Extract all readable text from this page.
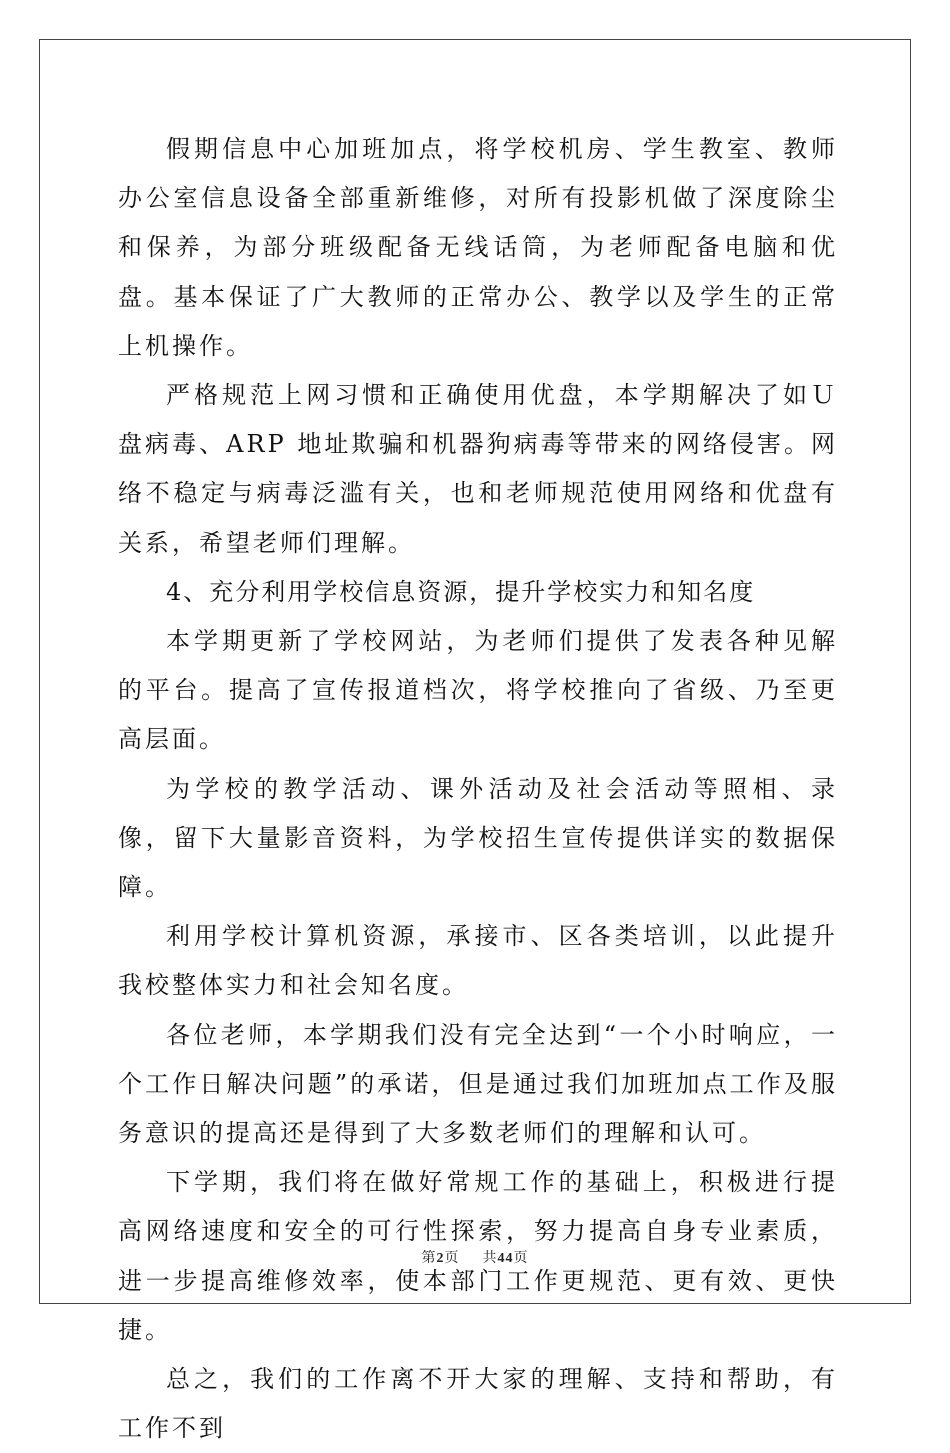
假期信息中心加班加点，将学校机房、学生教室、教师办公室信息设备全部重新维修，对所有投影机做了深度除尘和保养，为部分班级配备无线话筒，为老师配备电脑和优盘。基本保证了广大教师的正常办公、教学以及学生的正常上机操作。

严格规范上网习惯和正确使用优盘，本学期解决了如Ｕ盘病毒、ARP 地址欺骗和机器狗病毒等带来的网络侵害。网络不稳定与病毒泛滥有关，也和老师规范使用网络和优盘有关系，希望老师们理解。

4、充分利用学校信息资源，提升学校实力和知名度

本学期更新了学校网站，为老师们提供了发表各种见解的平台。提高了宣传报道档次，将学校推向了省级、乃至更高层面。

为学校的教学活动、课外活动及社会活动等照相、录像，留下大量影音资料，为学校招生宣传提供详实的数据保障。

利用学校计算机资源，承接市、区各类培训，以此提升我校整体实力和社会知名度。

各位老师，本学期我们没有完全达到“一个小时响应，一个工作日解决问题”的承诺，但是通过我们加班加点工作及服务意识的提高还是得到了大多数老师们的理解和认可。

下学期，我们将在做好常规工作的基础上，积极进行提高网络速度和安全的可行性探索，努力提高自身专业素质，进一步提高维修效率，使本部门工作更规范、更有效、更快捷。

总之，我们的工作离不开大家的理解、支持和帮助，有工作不到

第2页 共44页
